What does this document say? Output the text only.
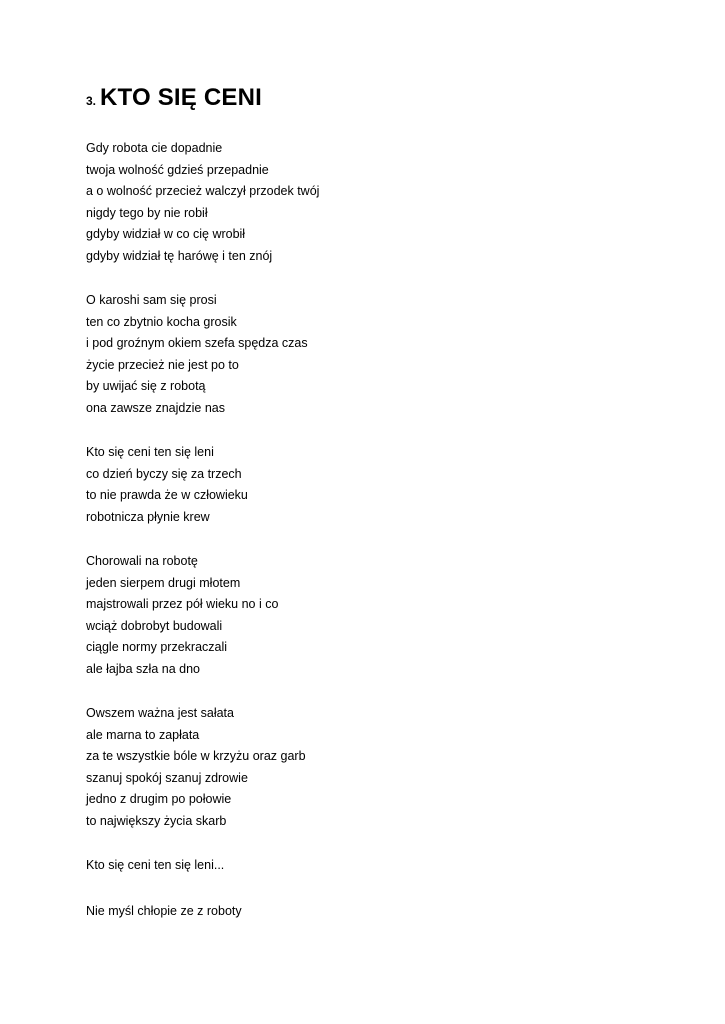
3. KTO SIĘ CENI
Gdy robota cie dopadnie
twoja wolność gdzieś przepadnie
a o wolność przecież walczył przodek twój
nigdy tego by nie robił
gdyby widział w co cię wrobił
gdyby widział tę harówę i ten znój
O karoshi sam się prosi
ten co zbytnio kocha grosik
i pod groźnym okiem szefa spędza czas
życie przecież nie jest po to
by uwijać się z robotą
ona zawsze znajdzie nas
Kto się ceni ten się leni
co dzień byczy się za trzech
to nie prawda że w człowieku
robotnicza płynie krew
Chorowali na robotę
jeden sierpem drugi młotem
majstrowali przez pół wieku no i co
wciąż dobrobyt budowali
ciągle normy przekraczali
ale łajba szła na dno
Owszem ważna jest sałata
ale marna to zapłata
za te wszystkie bóle w krzyżu oraz garb
szanuj spokój szanuj zdrowie
jedno z drugim po połowie
to największy życia skarb
Kto się ceni ten się leni...
Nie myśl chłopie ze z roboty
